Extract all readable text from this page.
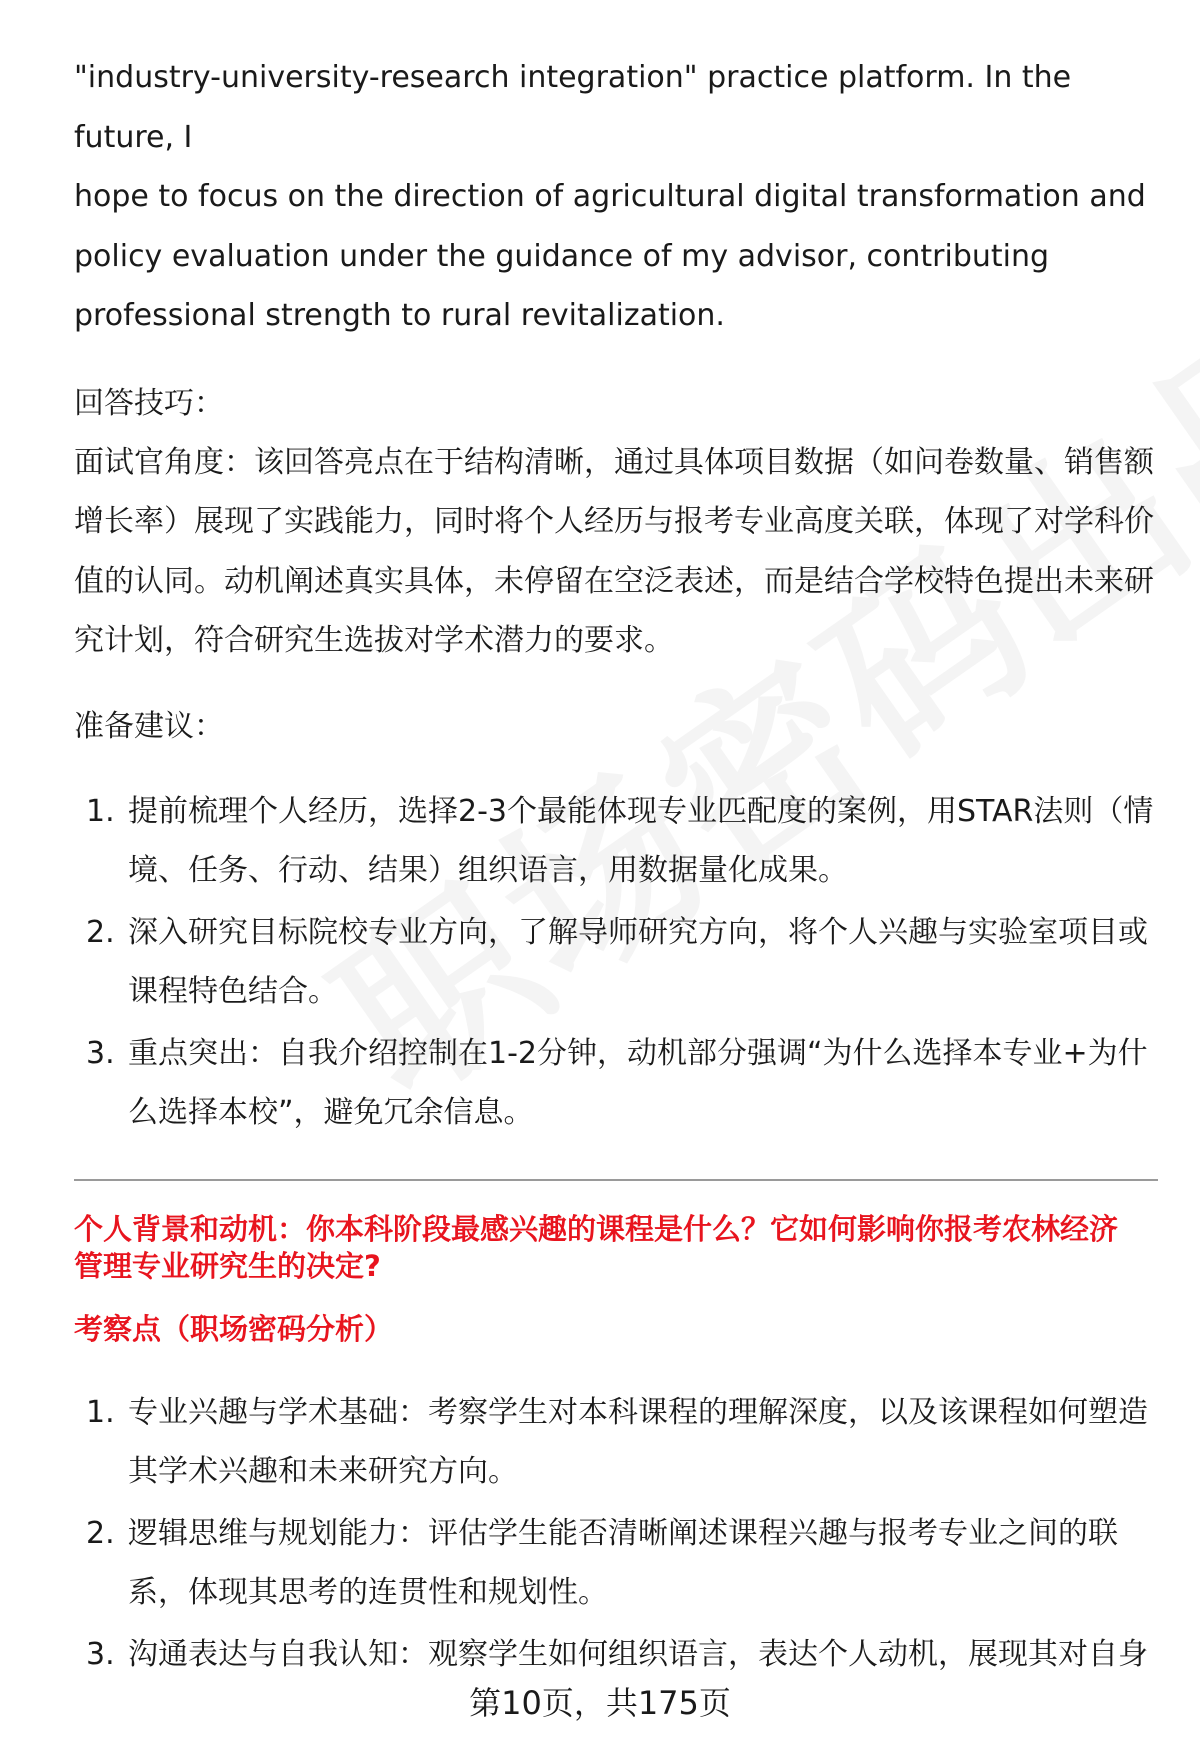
"industry-university-research integration" practice platform. In the future, I
hope to focus on the direction of agricultural digital transformation and
policy evaluation under the guidance of my advisor, contributing
professional strength to rural revitalization.
回答技巧：
面试官角度：该回答亮点在于结构清晰，通过具体项目数据（如问卷数量、销售额
增长率）展现了实践能力，同时将个人经历与报考专业高度关联，体现了对学科价
值的认同。动机阐述真实具体，未停留在空泛表述，而是结合学校特色提出未来研
究计划，符合研究生选拔对学术潜力的要求。
准备建议：
1. 提前梳理个人经历，选择2-3个最能体现专业匹配度的案例，用STAR法则（情
境、任务、行动、结果）组织语言，用数据量化成果。
2. 深入研究目标院校专业方向，了解导师研究方向，将个人兴趣与实验室项目或
课程特色结合。
3. 重点突出：自我介绍控制在1-2分钟，动机部分强调“为什么选择本专业+为什
么选择本校”，避免冗余信息。
个人背景和动机：你本科阶段最感兴趣的课程是什么？它如何影响你报考农林经济
管理专业研究生的决定?
考察点（职场密码分析）
1. 专业兴趣与学术基础：考察学生对本科课程的理解深度，以及该课程如何塑造
其学术兴趣和未来研究方向。
2. 逻辑思维与规划能力：评估学生能否清晰阐述课程兴趣与报考专业之间的联
系，体现其思考的连贯性和规划性。
3. 沟通表达与自我认知：观察学生如何组织语言，表达个人动机，展现其对自身
第10页，共175页
